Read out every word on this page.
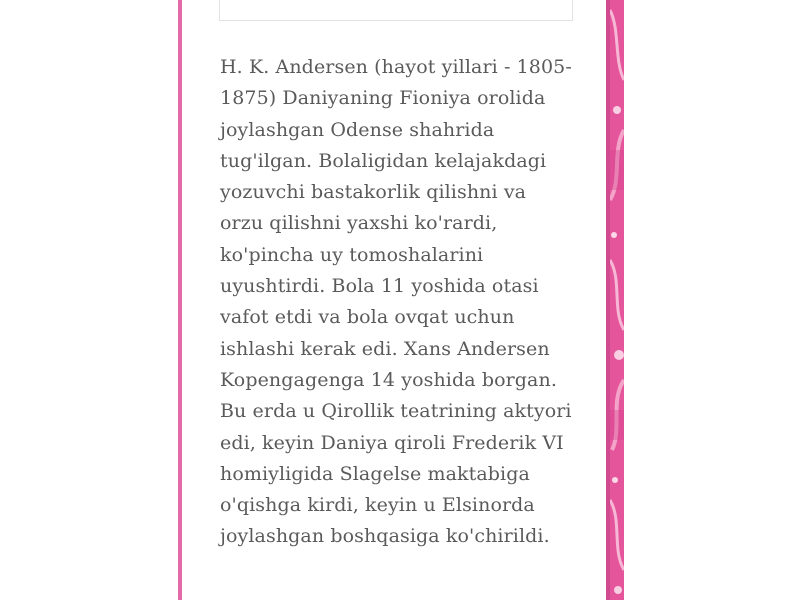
H. K. Andersen (hayot yillari - 1805-
1875) Daniyaning Fioniya orolida
joylashgan Odense shahrida
tug'ilgan. Bolaligidan kelajakdagi
yozuvchi bastakorlik qilishni va
orzu qilishni yaxshi ko'rardi,
ko'pincha uy tomoshalarini
uyushtirdi. Bola 11 yoshida otasi
vafot etdi va bola ovqat uchun
ishlashi kerak edi. Xans Andersen
Kopengagenga 14 yoshida borgan.
Bu erda u Qirollik teatrining aktyori
edi, keyin Daniya qiroli Frederik VI
homiyligida Slagelse maktabiga
o'qishga kirdi, keyin u Elsinorda
joylashgan boshqasiga ko'chirildi.
